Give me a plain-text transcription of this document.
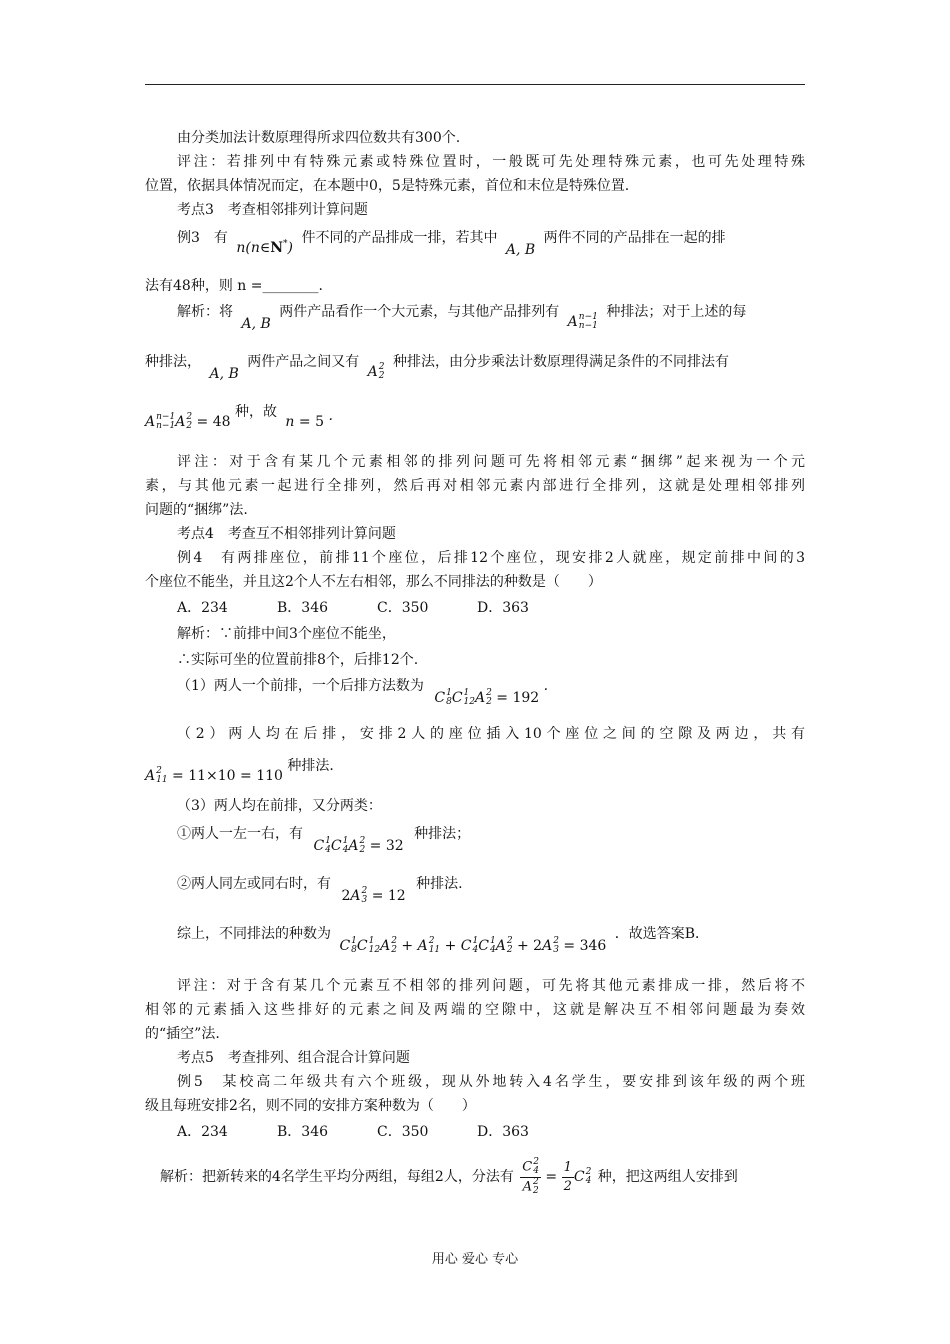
由分类加法计数原理得所求四位数共有300个.
评注：若排列中有特殊元素或特殊位置时，一般既可先处理特殊元素，也可先处理特殊
位置，依据具体情况而定，在本题中0，5是特殊元素，首位和末位是特殊位置.
考点3　考查相邻排列计算问题
例3　有 n(n∈N*) 件不同的产品排成一排，若其中 A, B 两件不同的产品排在一起的排
法有48种，则 n =________.
解析：将 A, B 两件产品看作一个大元素，与其他产品排列有 A n−1
n−1
种排法；对于上述的每
种排法， A, B 两件产品之间又有 A 2
2
种排法，由分步乘法计数原理得满足条件的不同排法有
A n−1
n−1 A 2
2 = 48 种，故 n = 5 .
评注：对于含有某几个元素相邻的排列问题可先将相邻元素“捆绑”起来视为一个元
素，与其他元素一起进行全排列，然后再对相邻元素内部进行全排列，这就是处理相邻排列
问题的“捆绑”法.
考点4　考查互不相邻排列计算问题
例4　有两排座位，前排11个座位，后排12个座位，现安排2人就座，规定前排中间的3
个座位不能坐，并且这2个人不左右相邻，那么不同排法的种数是（　　）
A．234	B．346	C．350	D．363
解析：∵前排中间3个座位不能坐，
∴实际可坐的位置前排8个，后排12个.
（1）两人一个前排，一个后排方法数为 C 1
8 C 1
12 A 2
2 = 192 .
（2）两人均在后排，安排2人的座位插入10个座位之间的空隙及两边，共有
A 2
11 = 11×10 = 110 种排法.
（3）两人均在前排，又分两类：
①两人一左一右，有 C 1
4 C 1
4 A 2
2 = 32 种排法；
②两人同左或同右时，有 2A 2
3 = 12 种排法.
综上，不同排法的种数为 C 1
8 C 1
12 A 2
2 + A 2
11 + C 1
4 C 1
4 A 2
2 + 2A 2
3 = 346 ．故选答案B．
评注：对于含有某几个元素互不相邻的排列问题，可先将其他元素排成一排，然后将不
相邻的元素插入这些排好的元素之间及两端的空隙中，这就是解决互不相邻问题最为奏效
的“插空”法.
考点5　考查排列、组合混合计算问题
例5　某校高二年级共有六个班级，现从外地转入4名学生，要安排到该年级的两个班
级且每班安排2名，则不同的安排方案种数为（　　）
A．234	B．346	C．350	D．363
解析：把新转来的4名学生平均分两组，每组2人，分法有 C 2
4
A 2
$2 = \frac{1}{2}$ C 2
4 种，把这两组人安排到
用心 爱心 专心
